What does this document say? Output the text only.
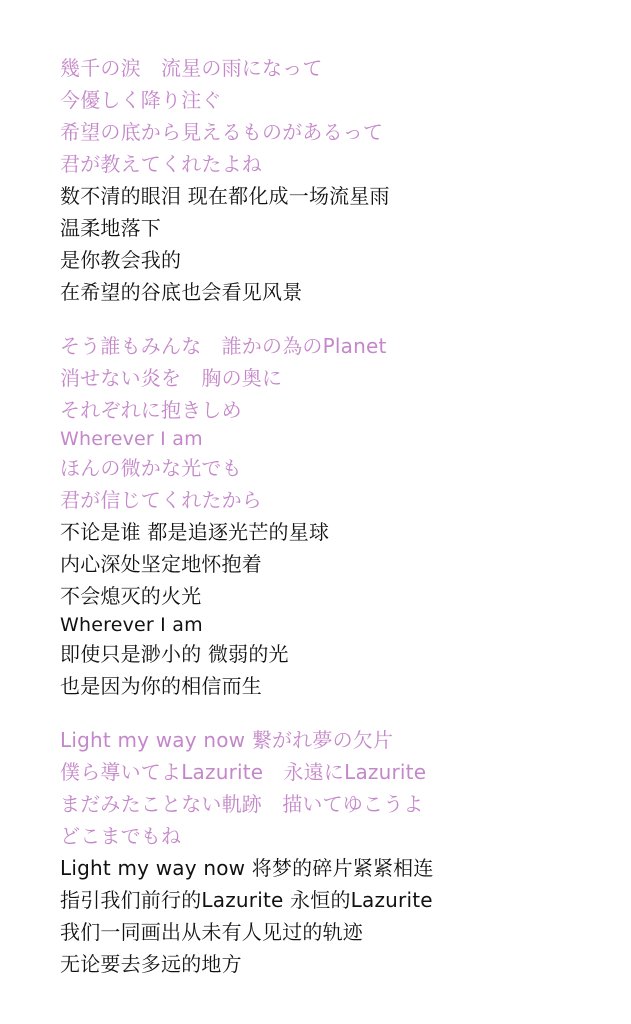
幾千の涙　流星の雨になって
今優しく降り注ぐ
希望の底から見えるものがあるって
君が教えてくれたよね
数不清的眼泪 现在都化成一场流星雨
温柔地落下
是你教会我的
在希望的谷底也会看见风景
そう誰もみんな　誰かの為のPlanet
消せない炎を　胸の奥に
それぞれに抱きしめ
Wherever I am
ほんの微かな光でも
君が信じてくれたから
不论是谁 都是追逐光芒的星球
内心深处坚定地怀抱着
不会熄灭的火光
Wherever I am
即使只是渺小的 微弱的光
也是因为你的相信而生
Light my way now 繋がれ夢の欠片
僕ら導いてよLazurite　永遠にLazurite
まだみたことない軌跡　描いてゆこうよ
どこまでもね
Light my way now 将梦的碎片紧紧相连
指引我们前行的Lazurite 永恒的Lazurite
我们一同画出从未有人见过的轨迹
无论要去多远的地方
